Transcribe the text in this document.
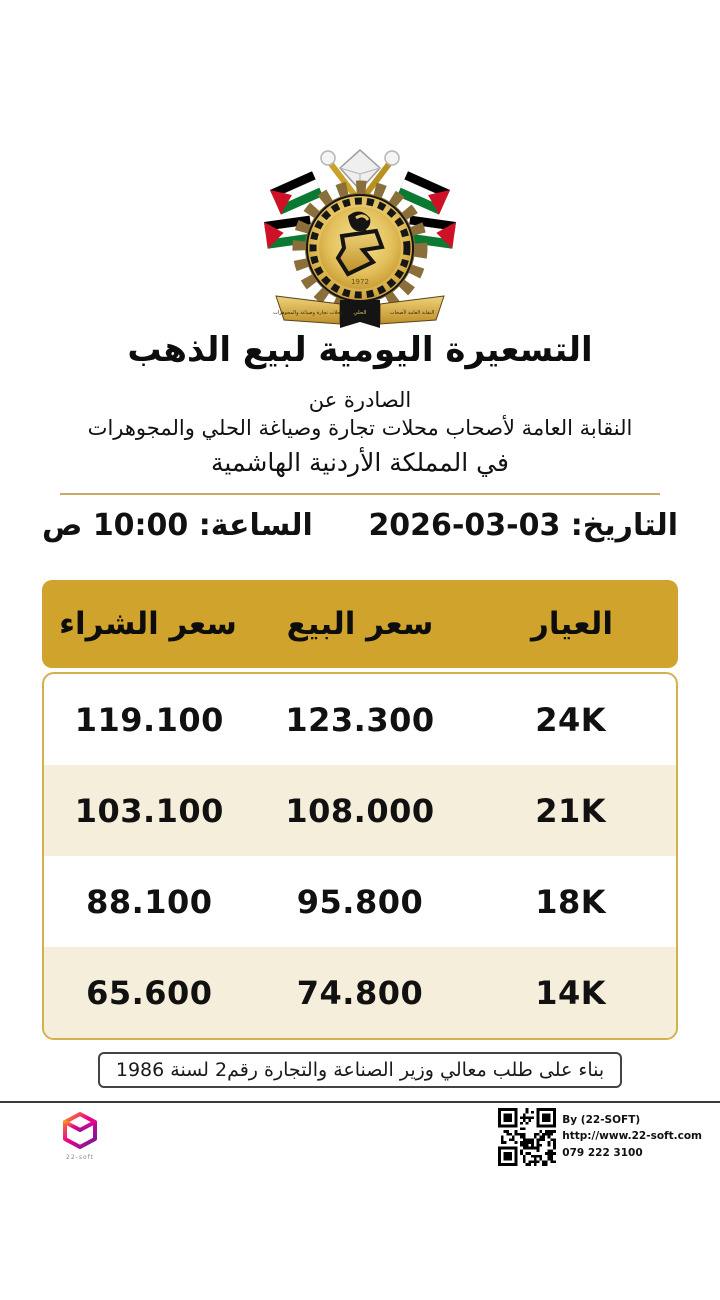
1972
محلات تجارة وصياغة والمجوهرات	النقابة العامة لأصحاب
الحلي
التسعيرة اليومية لبيع الذهب
الصادرة عن
النقابة العامة لأصحاب محلات تجارة وصياغة الحلي والمجوهرات
في المملكة الأردنية الهاشمية
التاريخ: 03-03-2026
الساعة: 10:00 ص
العيار
سعر البيع
سعر الشراء
24K
123.300
119.100
21K
108.000
103.100
18K
95.800
88.100
14K
74.800
65.600
بناء على طلب معالي وزير الصناعة والتجارة رقم2 لسنة 1986
22-soft
By (22-SOFT)
http://www.22-soft.com
079 222 3100
